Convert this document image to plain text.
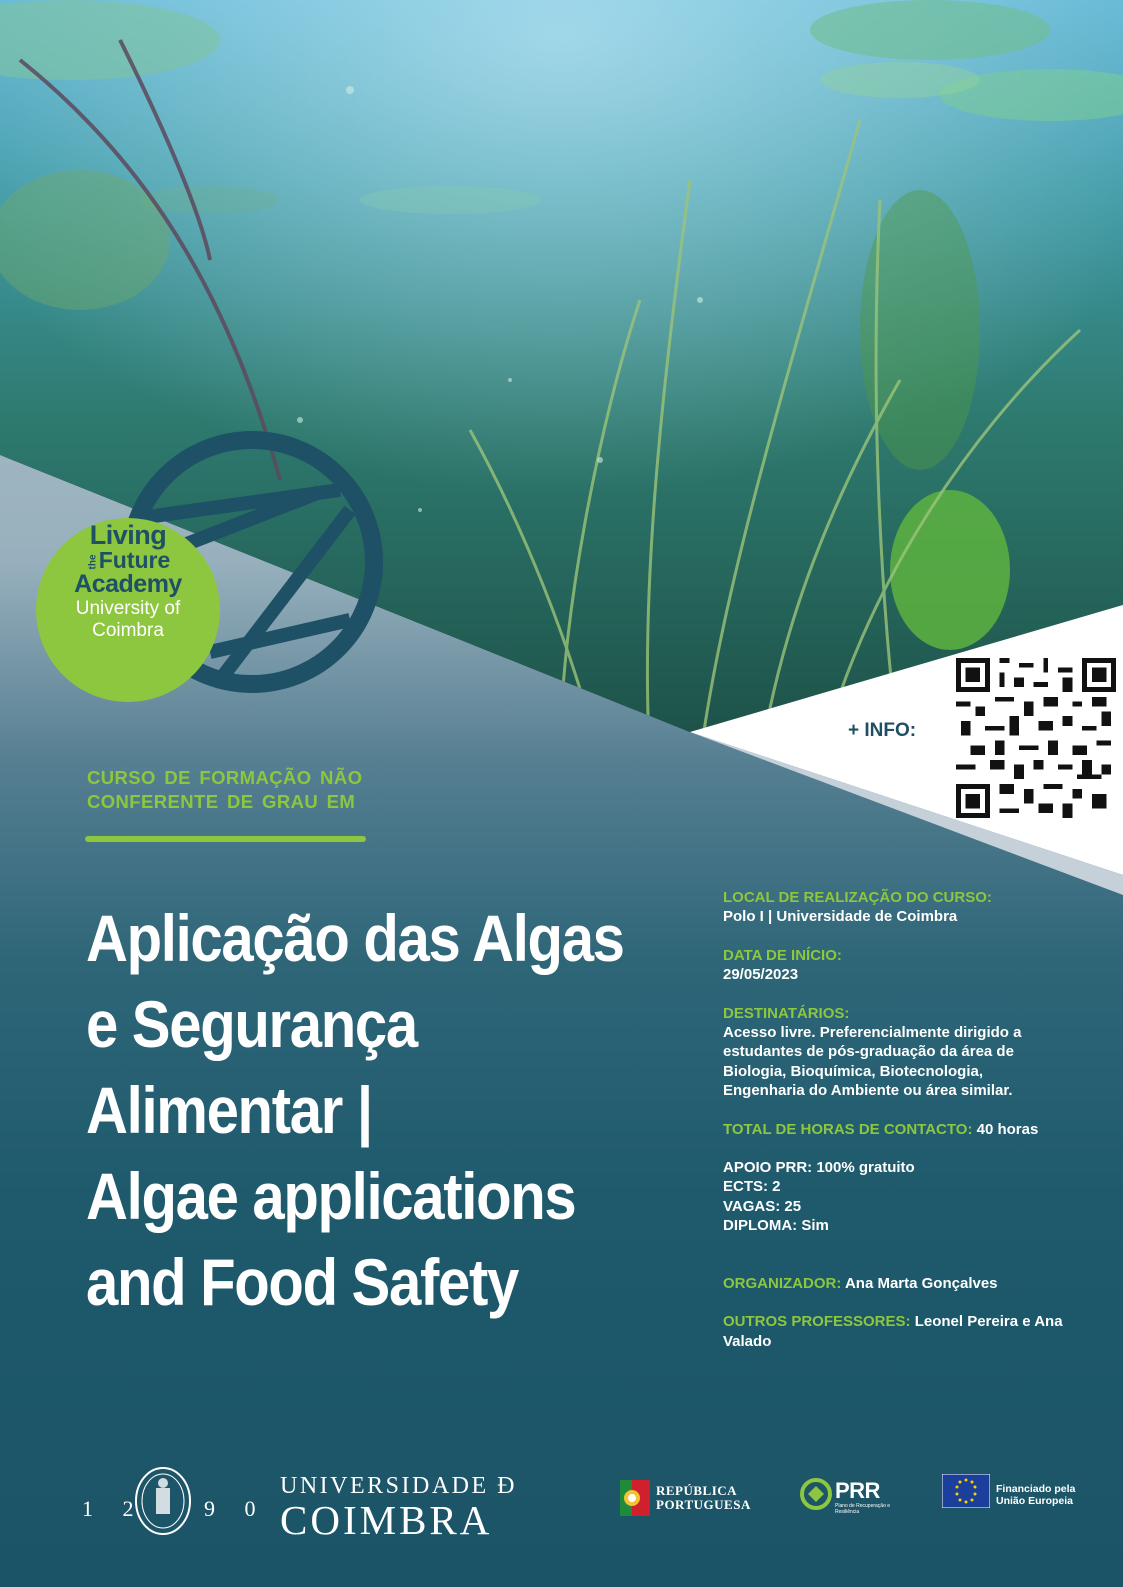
Living
theFuture
Academy
University of
Coimbra
+ INFO:

CURSO DE FORMAÇÃO NÃO
CONFERENTE DE GRAU EM

Aplicação das Algas
e Segurança
Alimentar |
Algae applications
and Food Safety

LOCAL DE REALIZAÇÃO DO CURSO:

Polo I | Universidade de Coimbra

DATA DE INÍCIO:

29/05/2023

DESTINATÁRIOS:

Acesso livre. Preferencialmente dirigido a estudantes de pós-graduação da área de Biologia, Bioquímica, Biotecnologia, Engenharia do Ambiente ou área similar.

TOTAL DE HORAS DE CONTACTO: 40 horas

APOIO PRR: 100% gratuito

ECTS: 2

VAGAS: 25

DIPLOMA: Sim

ORGANIZADOR: Ana Marta Gonçalves

OUTROS PROFESSORES: Leonel Pereira e Ana Valado

1 2	9 0
UNIVERSIDADE Ð
COIMBRA
REPÚBLICA
PORTUGUESA
PRR
Plano de Recuperação e Resiliência
Financiado pela
União Europeia
